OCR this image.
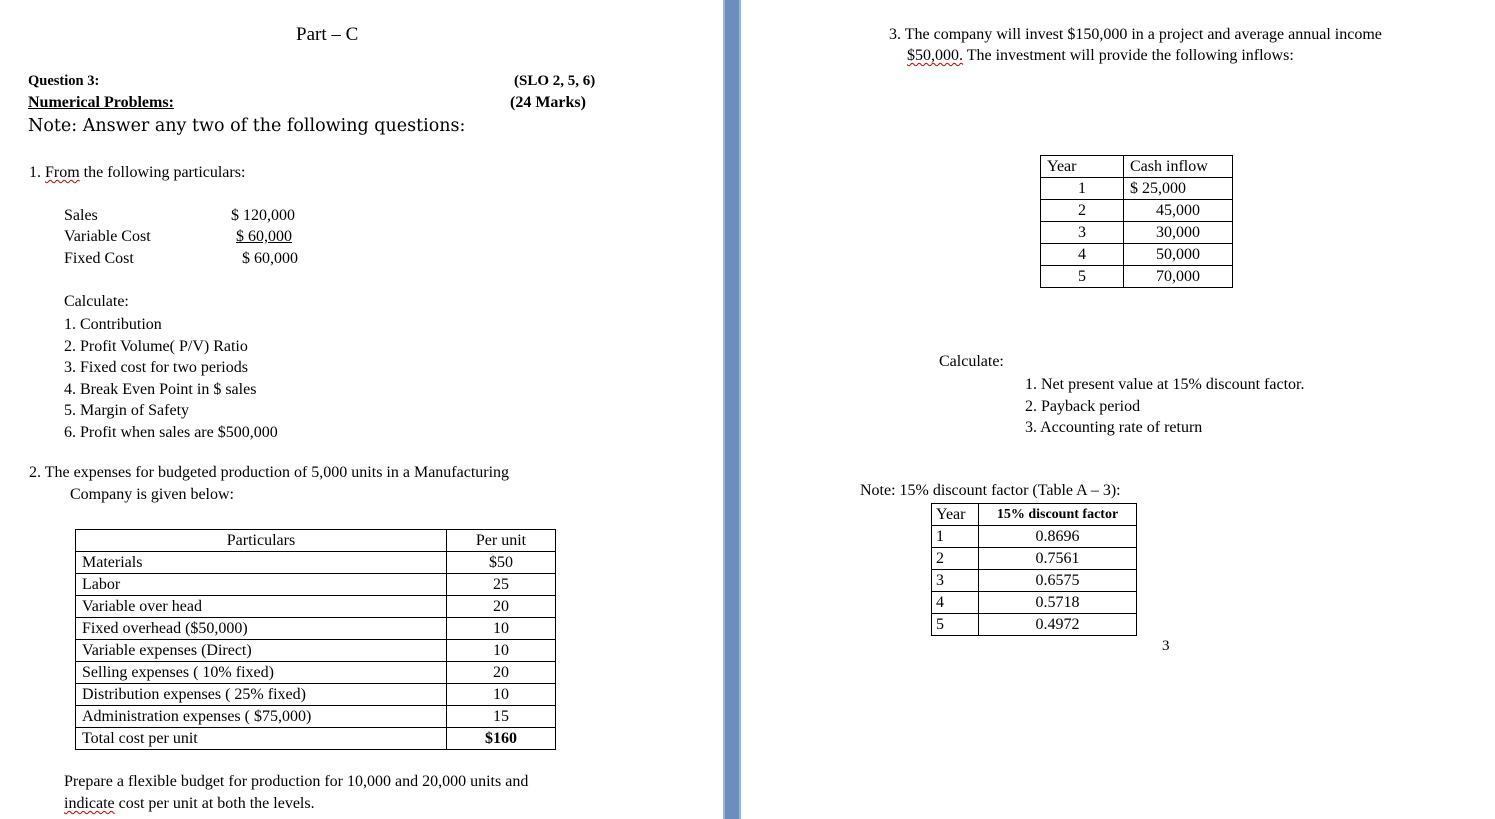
Part – C
Question 3:	(SLO 2, 5, 6)
Numerical Problems:	(24 Marks)
Note: Answer any two of the following questions:
1. From the following particulars:
Sales	$ 120,000
Variable Cost	$ 60,000
Fixed Cost	$ 60,000
Calculate:
1. Contribution
2. Profit Volume( P/V) Ratio
3. Fixed cost for two periods
4. Break Even Point in $ sales
5. Margin of Safety
6. Profit when sales are $500,000
2. The expenses for budgeted production of 5,000 units in a Manufacturing
Company is given below:
Particulars	Per unit
Materials	$50
Labor	25
Variable over head	20
Fixed overhead ($50,000)	10
Variable expenses (Direct)	10
Selling expenses ( 10% fixed)	20
Distribution expenses ( 25% fixed)	10
Administration expenses ( $75,000)	15
Total cost per unit	$160
Prepare a flexible budget for production for 10,000 and 20,000 units and
indicate cost per unit at both the levels.
3. The company will invest $150,000 in a project and average annual income
$50,000. The investment will provide the following inflows:
Year	Cash inflow
1	$ 25,000
2	45,000
3	30,000
4	50,000
5	70,000
Calculate:
1. Net present value at 15% discount factor.
2. Payback period
3. Accounting rate of return
Note: 15% discount factor (Table A – 3):
Year	15% discount factor
1	0.8696
2	0.7561
3	0.6575
4	0.5718
5	0.4972
3
